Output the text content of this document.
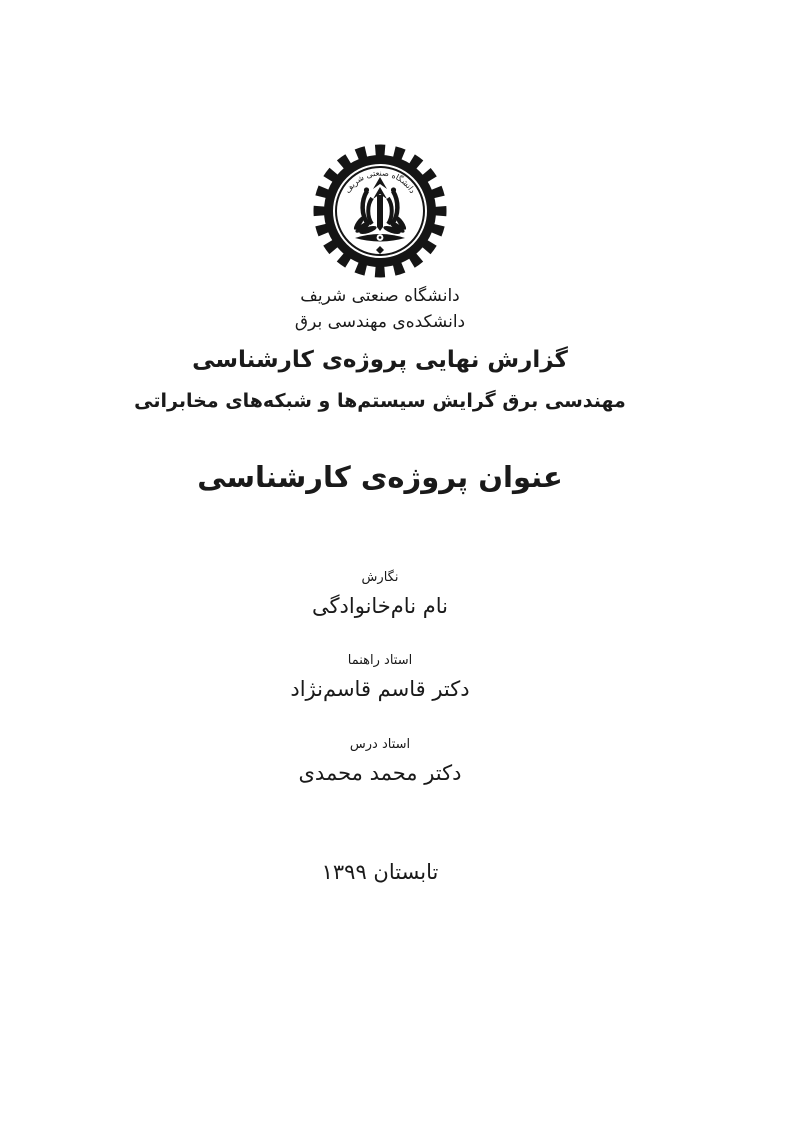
دانشگاه صنعتی شریف
دانشگاه صنعتی شریف
دانشکده‌ی مهندسی برق
گزارش نهایی پروژه‌ی کارشناسی
مهندسی برق گرایش سیستم‌ها و شبکه‌های مخابراتی
عنوان پروژه‌ی کارشناسی
نگارش
نام نام‌خانوادگی
استاد راهنما
دکتر قاسم قاسم‌نژاد
استاد درس
دکتر محمد محمدی
تابستان ۱۳۹۹
